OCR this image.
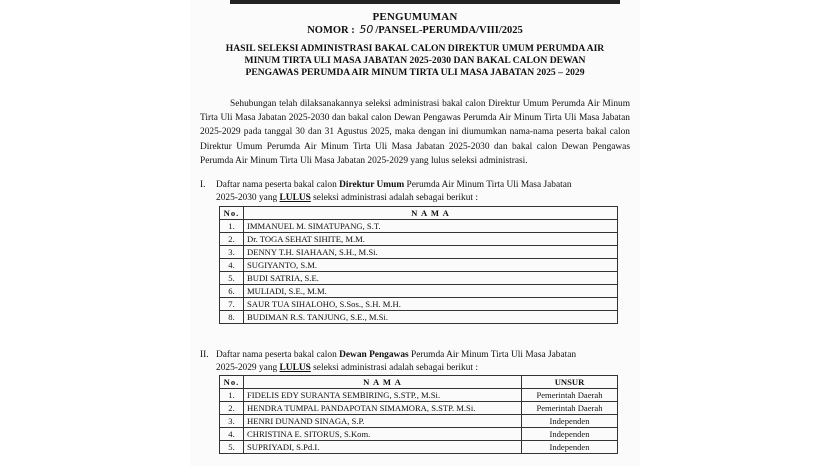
PENGUMUMAN
NOMOR : 50 /PANSEL-PERUMDA/VIII/2025
HASIL SELEKSI ADMINISTRASI BAKAL CALON DIREKTUR UMUM PERUMDA AIR
MINUM TIRTA ULI MASA JABATAN 2025-2030 DAN BAKAL CALON DEWAN
PENGAWAS PERUMDA AIR MINUM TIRTA ULI MASA JABATAN 2025 – 2029
Sehubungan telah dilaksanakannya seleksi administrasi bakal calon Direktur Umum Perumda Air Minum Tirta Uli Masa Jabatan 2025-2030 dan bakal calon Dewan Pengawas Perumda Air Minum Tirta Uli Masa Jabatan 2025-2029 pada tanggal 30 dan 31 Agustus 2025, maka dengan ini diumumkan nama-nama peserta bakal calon Direktur Umum Perumda Air Minum Tirta Uli Masa Jabatan 2025-2030 dan bakal calon Dewan Pengawas Perumda Air Minum Tirta Uli Masa Jabatan 2025-2029 yang lulus seleksi administrasi.
I. Daftar nama peserta bakal calon Direktur Umum Perumda Air Minum Tirta Uli Masa Jabatan
2025-2030 yang LULUS seleksi administrasi adalah sebagai berikut :
No.	N A M A
1.	IMMANUEL M. SIMATUPANG, S.T.
2.	Dr. TOGA SEHAT SIHITE, M.M.
3.	DENNY T.H. SIAHAAN, S.H., M.Si.
4.	SUGIYANTO, S.M.
5.	BUDI SATRIA, S.E.
6.	MULIADI, S.E., M.M.
7.	SAUR TUA SIHALOHO, S.Sos., S.H. M.H.
8.	BUDIMAN R.S. TANJUNG, S.E., M.Si.
II. Daftar nama peserta bakal calon Dewan Pengawas Perumda Air Minum Tirta Uli Masa Jabatan
2025-2029 yang LULUS seleksi administrasi adalah sebagai berikut :
No.	N A M A	UNSUR
1.	FIDELIS EDY SURANTA SEMBIRING, S.STP., M.Si.	Pemerintah Daerah
2.	HENDRA TUMPAL PANDAPOTAN SIMAMORA, S.STP. M.Si.	Pemerintah Daerah
3.	HENRI DUNAND SINAGA, S.P.	Independen
4.	CHRISTINA E. SITORUS, S.Kom.	Independen
5.	SUPRIYADI, S.Pd.I.	Independen
